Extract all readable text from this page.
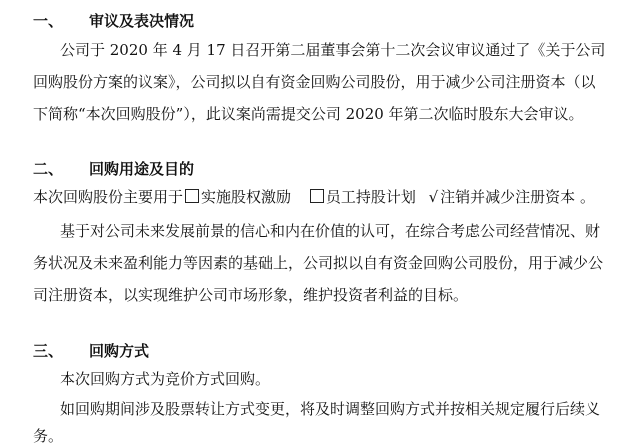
一、 审议及表决情况
公司于 2020 年 4 月 17 日召开第二届董事会第十二次会议审议通过了《关于公司
回购股份方案的议案》，公司拟以自有资金回购公司股份，用于减少公司注册资本（以
下简称“本次回购股份”），此议案尚需提交公司 2020 年第二次临时股东大会审议。
二、 回购用途及目的
本次回购股份主要用于 实施股权激励 员工持股计划 √ 注销并减少注册资本 。
基于对公司未来发展前景的信心和内在价值的认可，在综合考虑公司经营情况、财
务状况及未来盈利能力等因素的基础上，公司拟以自有资金回购公司股份，用于减少公
司注册资本，以实现维护公司市场形象，维护投资者利益的目标。
三、 回购方式
本次回购方式为竞价方式回购。
如回购期间涉及股票转让方式变更，将及时调整回购方式并按相关规定履行后续义
务。
